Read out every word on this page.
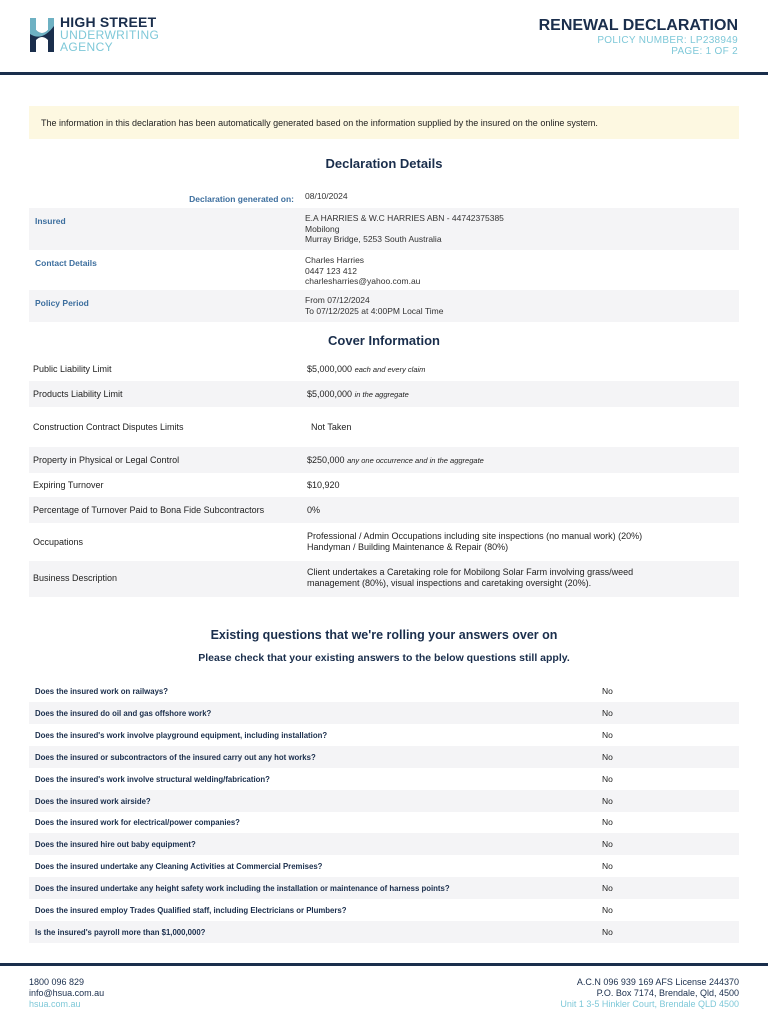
HIGH STREET
UNDERWRITING
AGENCY
RENEWAL DECLARATION
POLICY NUMBER: LP238949
PAGE: 1 OF 2
The information in this declaration has been automatically generated based on the information supplied by the insured on the online system.
Declaration Details
Declaration generated on: 08/10/2024
Insured	E.A HARRIES & W.C HARRIES ABN - 44742375385
Mobilong
Murray Bridge, 5253 South Australia
Contact Details	Charles Harries
0447 123 412
charlesharries@yahoo.com.au
Policy Period	From 07/12/2024
To 07/12/2025 at 4:00PM Local Time
Cover Information
Public Liability Limit	$5,000,000 each and every claim
Products Liability Limit	$5,000,000 in the aggregate
Construction Contract Disputes Limits	Not Taken
Property in Physical or Legal Control	$250,000 any one occurrence and in the aggregate
Expiring Turnover	$10,920
Percentage of Turnover Paid to Bona Fide Subcontractors	0%
Occupations
Professional / Admin Occupations including site inspections (no manual work) (20%)
Handyman / Building Maintenance & Repair (80%)
Business Description
Client undertakes a Caretaking role for Mobilong Solar Farm involving grass/weed
management (80%), visual inspections and caretaking oversight (20%).
Existing questions that we're rolling your answers over on
Please check that your existing answers to the below questions still apply.
Does the insured work on railways?	No
Does the insured do oil and gas offshore work?	No
Does the insured's work involve playground equipment, including installation?	No
Does the insured or subcontractors of the insured carry out any hot works?	No
Does the insured's work involve structural welding/fabrication?	No
Does the insured work airside?	No
Does the insured work for electrical/power companies?	No
Does the insured hire out baby equipment?	No
Does the insured undertake any Cleaning Activities at Commercial Premises?	No
Does the insured undertake any height safety work including the installation or maintenance of harness points?	No
Does the insured employ Trades Qualified staff, including Electricians or Plumbers?	No
Is the insured's payroll more than $1,000,000?	No
1800 096 829
info@hsua.com.au
hsua.com.au
A.C.N 096 939 169 AFS License 244370
P.O. Box 7174, Brendale, Qld, 4500
Unit 1 3-5 Hinkler Court, Brendale QLD 4500
